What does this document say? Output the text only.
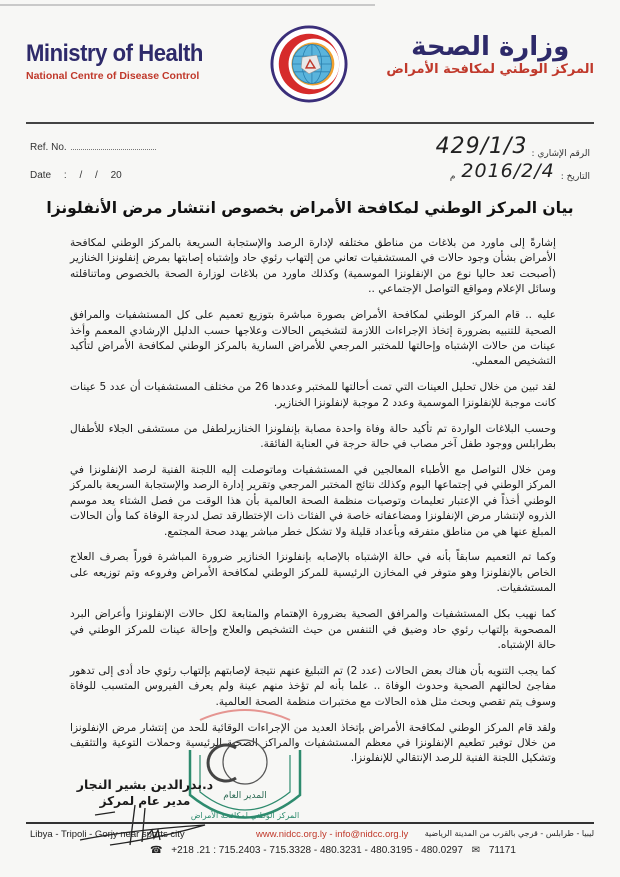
Ministry of Health
National Centre of Disease Control
وزارة الصحة
المركز الوطني لمكافحة الأمراض
Ref. No.
Date : / / 20
الرقم الإشاري :
429/1/3
التاريخ :
2016/2/4
م
بيان المركز الوطني لمكافحة الأمراض بخصوص انتشار مرض الأنفلونزا

إشارةً إلى ماورد من بلاغات من مناطق مختلفه لإدارة الرصد والإستجابة السريعة بالمركز الوطني لمكافحة الأمراض بشأن وجود حالات في المستشفيات تعاني من إلتهاب رئوي حاد وإشتباه إصابتها بمرض إنفلونزا الخنازير (أصبحت تعد حاليا نوع من الإنفلونزا الموسمية) وكذلك ماورد من بلاغات لوزارة الصحة بالخصوص وماتناقلته وسائل الإعلام ومواقع التواصل الإجتماعي ..

عليه .. قام المركز الوطني لمكافحة الأمراض بصورة مباشرة بتوزيع تعميم على كل المستشفيات والمرافق الصحية للتنبيه بضرورة إتخاذ الإجراءات اللازمة لتشخيص الحالات وعلاجها حسب الدليل الإرشادي المعمم وأخذ عينات من حالات الإشتباه وإحالتها للمختبر المرجعي للأمراض السارية بالمركز الوطني لمكافحة الأمراض لتأكيد التشخيص المعملي.

لقد تبين من خلال تحليل العينات التي تمت أحالتها للمختبر وعددها 26 من مختلف المستشفيات أن عدد 5 عينات كانت موجبة للإنفلونزا الموسمية وعدد 2 موجبة لإنفلونزا الخنازير.

وحسب البلاغات الواردة تم تأكيد حالة وفاة واحدة مصابة بإنفلونزا الخنازيرلطفل من مستشفى الجلاء للأطفال بطرابلس ووجود طفل آخر مصاب في حالة حرجة في العناية الفائقة.

ومن خلال التواصل مع الأطباء المعالجين في المستشفيات وماتوصلت إليه اللجنة الفنية لرصد الإنفلونزا في المركز الوطني في إجتماعها اليوم وكذلك نتائج المختبر المرجعي وتقرير إدارة الرصد والإستجابة السريعة بالمركز الوطني أخذاً في الإعتبار تعليمات وتوصيات منظمة الصحة العالمية بأن هذا الوقت من فصل الشتاء يعد موسم الذروه لإنتشار مرض الإنفلونزا ومضاعفاته خاصة في الفئات ذات الإختطارقد تصل لدرجة الوفاة كما وأن الحالات المبلغ عنها هي من مناطق متفرقه وبأعداد قليلة ولا تشكل خطر مباشر يهدد صحة المجتمع.

وكما تم التعميم سابقاً بأنه في حالة الإشتباه بالإصابه بإنفلونزا الخنازير ضرورة المباشرة فوراً بصرف العلاج الخاص بالإنفلونزا وهو متوفر في المخازن الرئيسية للمركز الوطني لمكافحة الأمراض وفروعه وتم توزيعه على المستشفيات.

كما نهيب بكل المستشفيات والمرافق الصحية بضرورة الإهتمام والمتابعة لكل حالات الإنفلونزا وأعراض البرد المصحوبة بإلتهاب رئوي حاد وضيق في التنفس من حيث التشخيص والعلاج وإحالة عينات للمركز الوطني في حالة الإشتباه.

كما يجب التنويه بأن هناك بعض الحالات (عدد 2) تم التبليغ عنهم نتيجة لإصابتهم بإلتهاب رئوي حاد أدى إلى تدهور مفاجئ لحالتهم الصحية وحدوث الوفاة .. علما بأنه لم تؤخذ منهم عينة ولم يعرف الفيروس المتسبب للوفاة وسوف يتم تقصي وبحث مثل هذه الحالات مع مختبرات منظمة الصحة العالمية.

ولقد قام المركز الوطني لمكافحة الأمراض بإتخاذ العديد من الإجراءات الوقائية للحد من إنتشار مرض الإنفلونزا من خلال توفير تطعيم الإنفلونزا في معظم المستشفيات والمراكز الصحية الرئيسية وحملات التوعية والتثقيف وتشكيل اللجنة الفنية للرصد الإنتقالي للإنفلونزا.

المدير العام
المركز الوطني لمكافحة الأمراض
د.بدرالدين بشير النجار
مدير عام لمركز
Libya - Tripoli - Gorjy near sports city	www.nidcc.org.ly - info@nidcc.org.ly ليبيا - طرابلس - قرجي بالقرب من المدينة الرياضية
☎ +218 .21 : 715.2403 - 715.3328 - 480.3231 - 480.3195 - 480.0297 ✉ 71171
